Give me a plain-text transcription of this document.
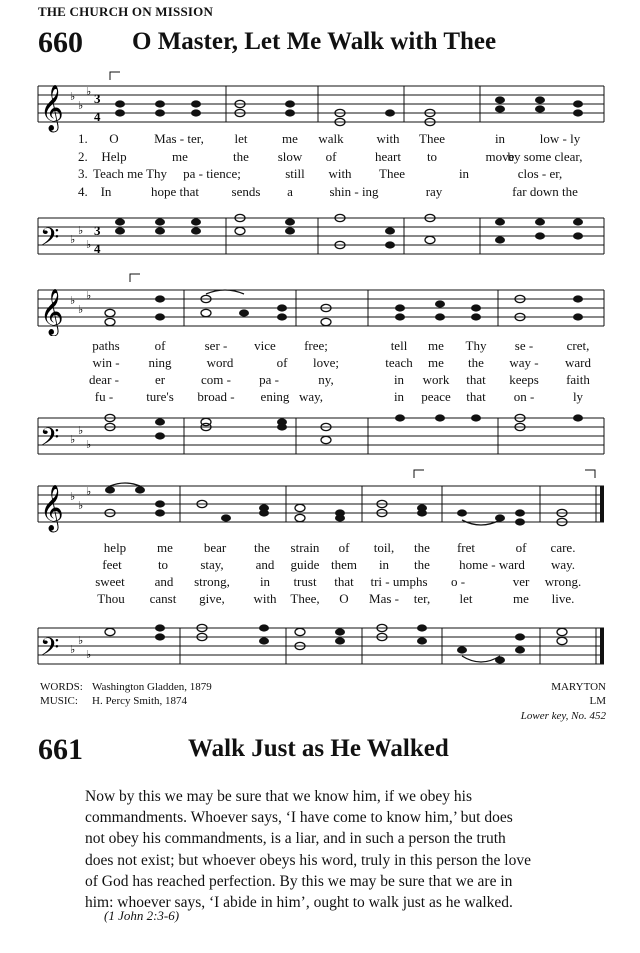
THE CHURCH ON MISSION
660 O Master, Let Me Walk with Thee
𝄞 ♭
♭
♭ 3
4
1.
2.
3.
4.
O	Mas - ter, let	me walk	with Thee	in	low - ly
Help	me	the slow of	heart to	move
by some clear,
Teach me Thy pa - tience;	still with Thee	in	clos - er,
In	hope that	sends a	shin - ing	ray	far down the
𝄢 ♭
♭
♭
3
4
𝄞 ♭
♭
♭
paths	of	ser - vice free;	tell me Thy se -	cret,
win - ning	word	of love;	teach me the way - ward
dear -	er	com - pa -	ny,	in work that keeps faith
fu -	ture's broad - ening way,	in peace that on -	ly
𝄢 ♭
♭
♭
𝄞 ♭
♭
♭
help me bear the strain of toil, the fret	of care.
feet	to stay, and guide them in the home - ward way.
sweet and strong, in trust that tri - umphs o -	ver wrong.
Thou canst give, with Thee, O Mas - ter, let	me live.
𝄢 ♭
♭
♭
WORDS: Washington Gladden, 1879
MUSIC: H. Percy Smith, 1874
MARYTON
LM
Lower key, No. 452
661	Walk Just as He Walked
Now by this we may be sure that we know him, if we obey his
commandments. Whoever says, ‘I have come to know him,’ but does
not obey his commandments, is a liar, and in such a person the truth
does not exist; but whoever obeys his word, truly in this person the love
of God has reached perfection. By this we may be sure that we are in
him: whoever says, ‘I abide in him’, ought to walk just as he walked.
(1 John 2:3-6)
